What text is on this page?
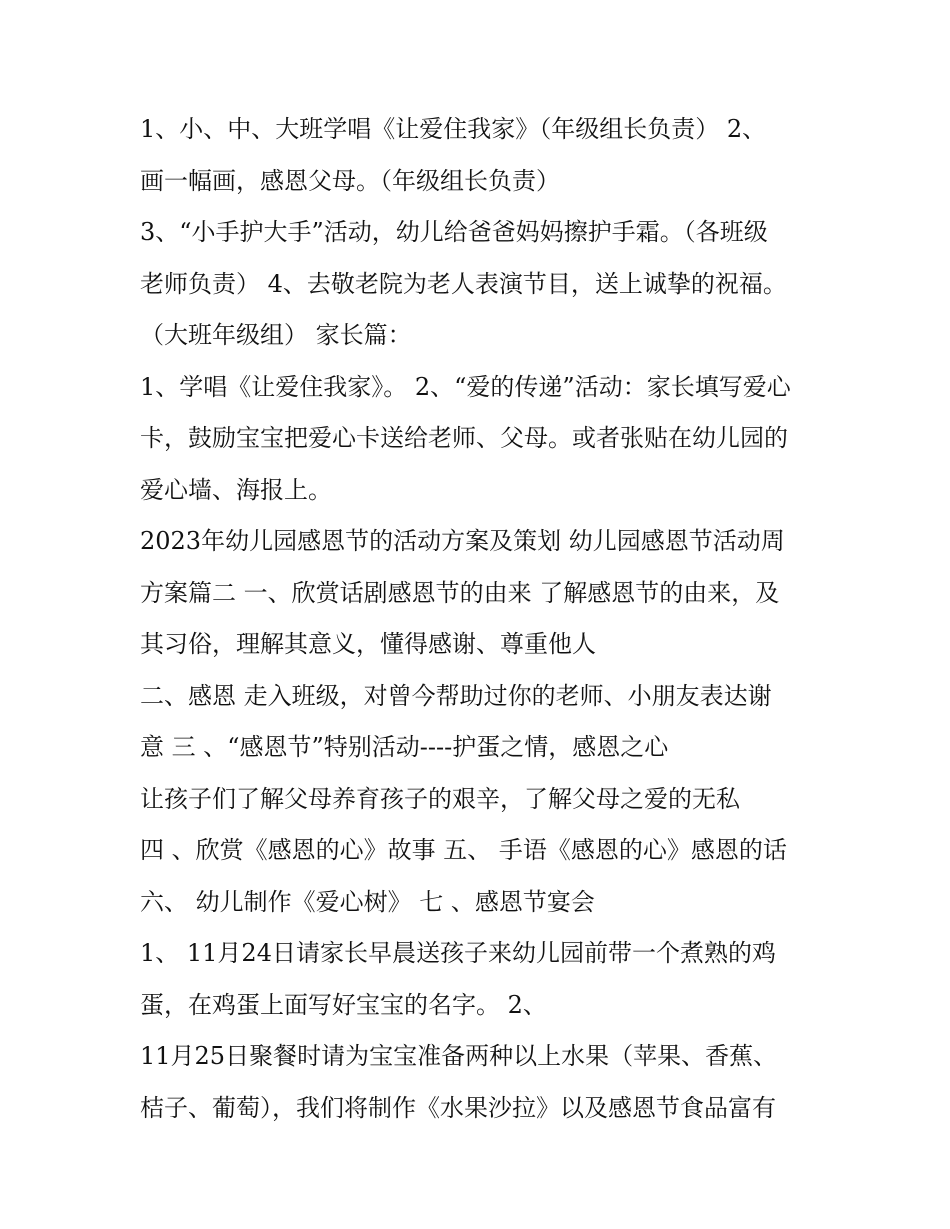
1、小、中、大班学唱《让爱住我家》（年级组长负责） 2、
画一幅画，感恩父母。（年级组长负责）
3、“小手护大手”活动，幼儿给爸爸妈妈擦护手霜。（各班级
老师负责） 4、去敬老院为老人表演节目，送上诚挚的祝福。
（大班年级组） 家长篇：
1、学唱《让爱住我家》。 2、“爱的传递”活动：家长填写爱心
卡，鼓励宝宝把爱心卡送给老师、父母。或者张贴在幼儿园的
爱心墙、海报上。
2023年幼儿园感恩节的活动方案及策划 幼儿园感恩节活动周
方案篇二 一、欣赏话剧感恩节的由来 了解感恩节的由来，及
其习俗，理解其意义，懂得感谢、尊重他人
二、感恩 走入班级，对曾今帮助过你的老师、小朋友表达谢
意 三 、“感恩节”特别活动----护蛋之情，感恩之心
让孩子们了解父母养育孩子的艰辛，了解父母之爱的无私
四 、欣赏《感恩的心》故事 五、 手语《感恩的心》感恩的话
六、 幼儿制作《爱心树》 七 、感恩节宴会
1、 11月24日请家长早晨送孩子来幼儿园前带一个煮熟的鸡
蛋，在鸡蛋上面写好宝宝的名字。 2、
11月25日聚餐时请为宝宝准备两种以上水果（苹果、香蕉、
桔子、葡萄），我们将制作《水果沙拉》以及感恩节食品富有
